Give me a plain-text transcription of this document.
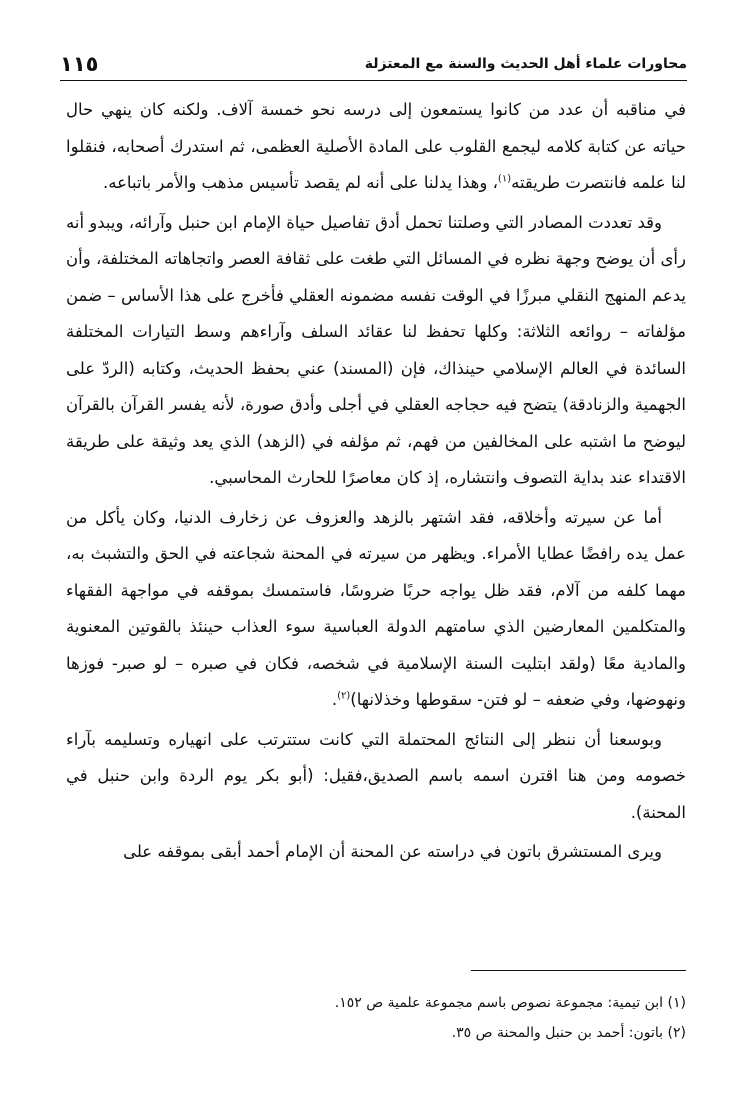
محاورات علماء أهل الحديث والسنة مع المعتزلة
١١٥

في مناقبه أن عدد من كانوا يستمعون إلى درسه نحو خمسة آلاف. ولكنه كان ينهي حال حياته عن كتابة كلامه ليجمع القلوب على المادة الأصلية العظمى، ثم استدرك أصحابه، فنقلوا لنا علمه فانتصرت طريقته$^{(١)}$، وهذا يدلنا على أنه لم يقصد تأسيس مذهب والأمر باتباعه.

وقد تعددت المصادر التي وصلتنا تحمل أدق تفاصيل حياة الإمام ابن حنبل وآرائه، ويبدو أنه رأى أن يوضح وجهة نظره في المسائل التي طغت على ثقافة العصر واتجاهاته المختلفة، وأن يدعم المنهج النقلي مبرزًا في الوقت نفسه مضمونه العقلي فأخرج على هذا الأساس – ضمن مؤلفاته – روائعه الثلاثة: وكلها تحفظ لنا عقائد السلف وآراءهم وسط التيارات المختلفة السائدة في العالم الإسلامي حينذاك، فإن (المسند) عني بحفظ الحديث، وكتابه (الردّ على الجهمية والزنادقة) يتضح فيه حجاجه العقلي في أجلى وأدق صورة، لأنه يفسر القرآن بالقرآن ليوضح ما اشتبه على المخالفين من فهم، ثم مؤلفه في (الزهد) الذي يعد وثيقة على طريقة الاقتداء عند بداية التصوف وانتشاره، إذ كان معاصرًا للحارث المحاسبي.

أما عن سيرته وأخلاقه، فقد اشتهر بالزهد والعزوف عن زخارف الدنيا، وكان يأكل من عمل يده رافضًا عطايا الأمراء. ويظهر من سيرته في المحنة شجاعته في الحق والتشبث به، مهما كلفه من آلام، فقد ظل يواجه حربًا ضروسًا، فاستمسك بموقفه في مواجهة الفقهاء والمتكلمين المعارضين الذي سامتهم الدولة العباسية سوء العذاب حينئذ بالقوتين المعنوية والمادية معًا (ولقد ابتليت السنة الإسلامية في شخصه، فكان في صبره – لو صبر- فوزها ونهوضها، وفي ضعفه – لو فتن- سقوطها وخذلانها)$^{(٢)}$.

وبوسعنا أن ننظر إلى النتائج المحتملة التي كانت ستترتب على انهياره وتسليمه بآراء خصومه ومن هنا اقترن اسمه باسم الصديق،فقيل: (أبو بكر يوم الردة وابن حنبل في المحنة).

ويرى المستشرق باتون في دراسته عن المحنة أن الإمام أحمد أبقى بموقفه على

(١) ابن تيمية: مجموعة نصوص باسم مجموعة علمية ص ١٥٢.

(٢) باتون: أحمد بن حنبل والمحنة ص ٣٥.
